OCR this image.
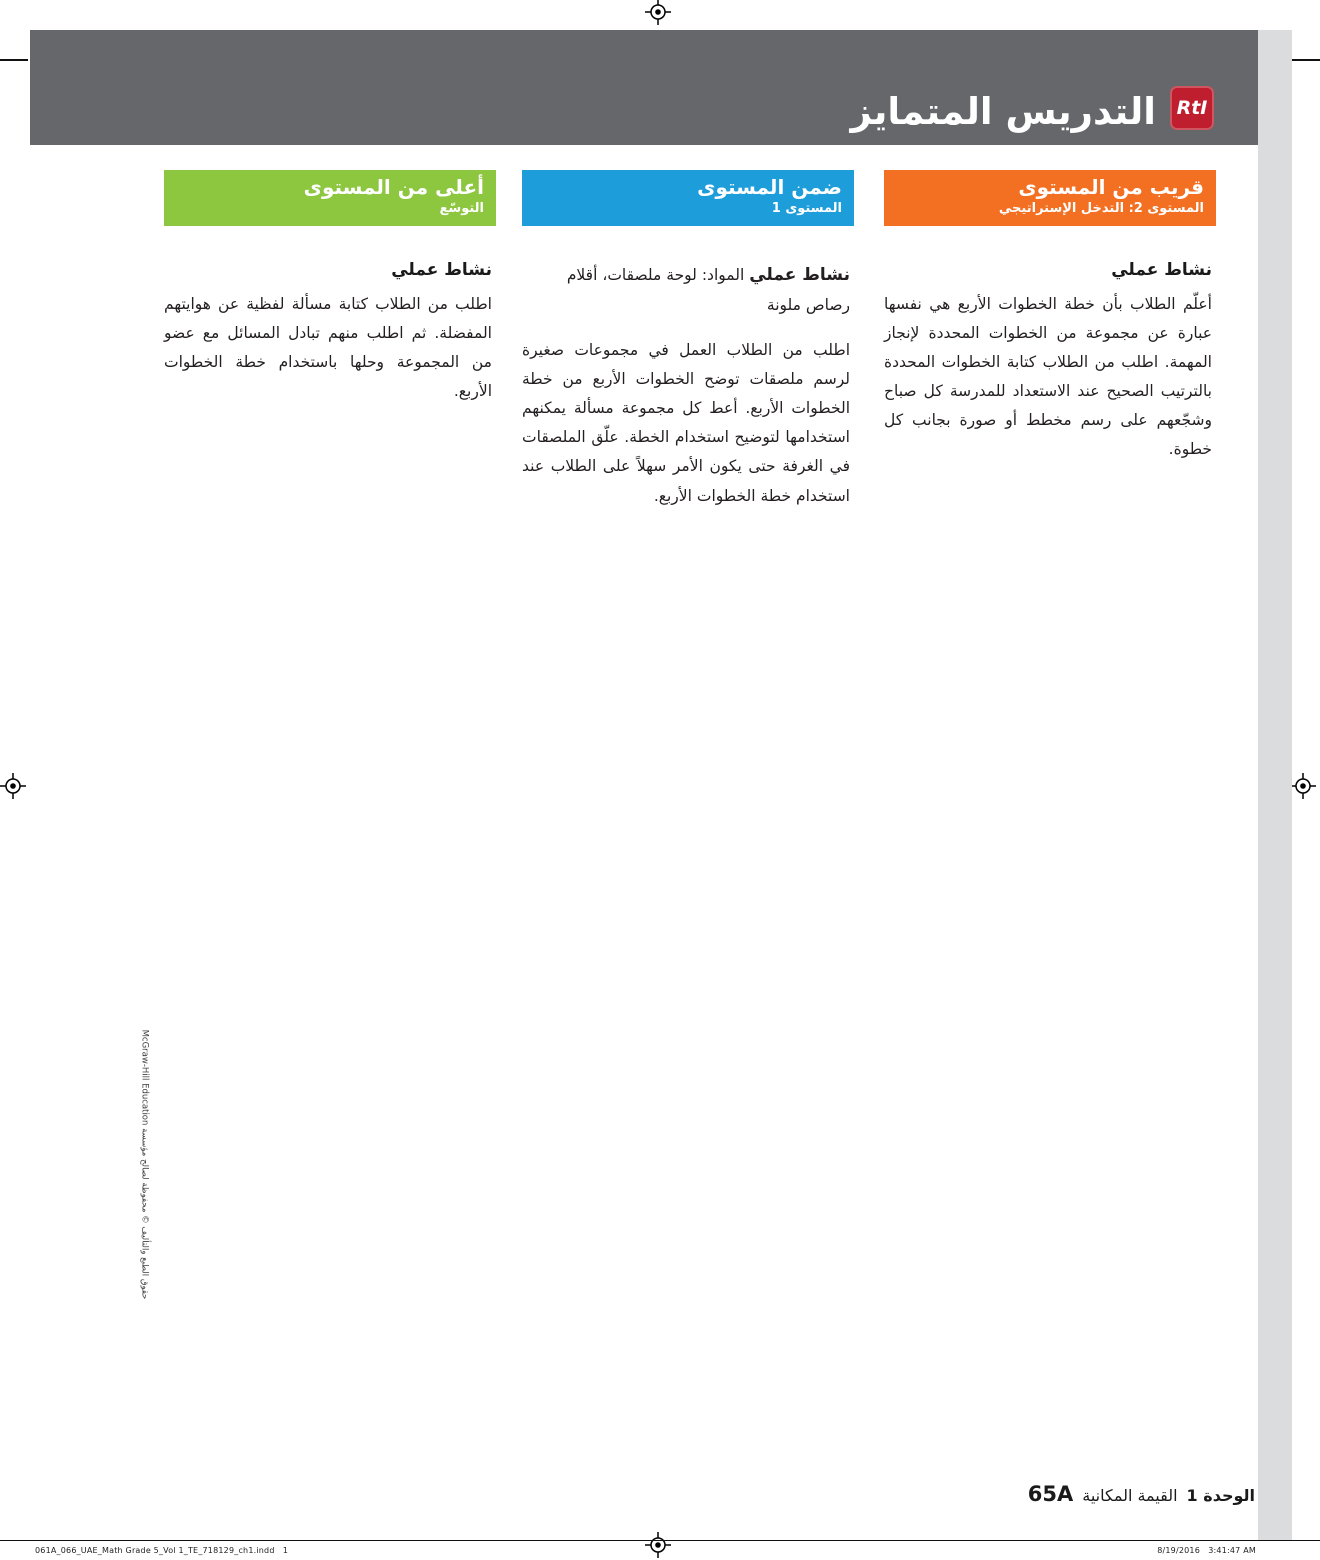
التدريس المتمايز	RtI
قريب من المستوى
المستوى 2: التدخل الإستراتيجي
نشاط عملي

أعلّم الطلاب بأن خطة الخطوات الأربع هي نفسها عبارة عن مجموعة من الخطوات المحددة لإنجاز المهمة. اطلب من الطلاب كتابة الخطوات المحددة بالترتيب الصحيح عند الاستعداد للمدرسة كل صباح وشجّعهم على رسم مخطط أو صورة بجانب كل خطوة.

ضمن المستوى
المستوى 1

نشاط عملي المواد: لوحة ملصقات، أقلام رصاص ملونة

اطلب من الطلاب العمل في مجموعات صغيرة لرسم ملصقات توضح الخطوات الأربع من خطة الخطوات الأربع. أعط كل مجموعة مسألة يمكنهم استخدامها لتوضيح استخدام الخطة. علّق الملصقات في الغرفة حتى يكون الأمر سهلاً على الطلاب عند استخدام خطة الخطوات الأربع.

أعلى من المستوى
التوسّع
نشاط عملي

اطلب من الطلاب كتابة مسألة لفظية عن هوايتهم المفضلة. ثم اطلب منهم تبادل المسائل مع عضو من المجموعة وحلها باستخدام خطة الخطوات الأربع.

حقوق الطبع والتأليف © محفوظة لصالح مؤسسة McGraw-Hill Education
الوحدة 1
القيمة المكانية
65A
061A_066_UAE_Math Grade 5_Vol 1_TE_718129_ch1.indd   1	8/19/2016   3:41:47 AM
